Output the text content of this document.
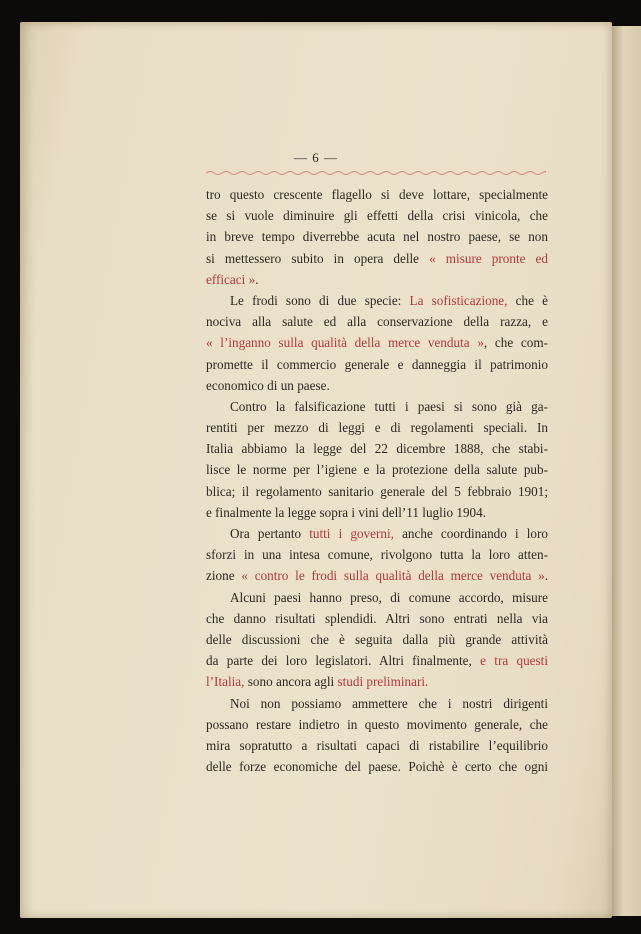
— 6 —
tro questo crescente flagello si deve lottare, specialmente
se si vuole diminuire gli effetti della crisi vinicola, che
in breve tempo diverrebbe acuta nel nostro paese, se non
si mettessero subito in opera delle « misure pronte ed
efficaci ».
Le frodi sono di due specie: La sofisticazione, che è
nociva alla salute ed alla conservazione della razza, e
« l’inganno sulla qualità della merce venduta », che com-
promette il commercio generale e danneggia il patrimonio
economico di un paese.
Contro la falsificazione tutti i paesi si sono già ga-
rentiti per mezzo di leggi e di regolamenti speciali. In
Italia abbiamo la legge del 22 dicembre 1888, che stabi-
lisce le norme per l’igiene e la protezione della salute pub-
blica; il regolamento sanitario generale del 5 febbraio 1901;
e finalmente la legge sopra i vini dell’11 luglio 1904.
Ora pertanto tutti i governi, anche coordinando i loro
sforzi in una intesa comune, rivolgono tutta la loro atten-
zione « contro le frodi sulla qualità della merce venduta ».
Alcuni paesi hanno preso, di comune accordo, misure
che danno risultati splendidi. Altri sono entrati nella via
delle discussioni che è seguita dalla più grande attività
da parte dei loro legislatori. Altri finalmente, e tra questi
l’Italia, sono ancora agli studi preliminari.
Noi non possiamo ammettere che i nostri dirigenti
possano restare indietro in questo movimento generale, che
mira sopratutto a risultati capaci di ristabilire l’equilibrio
delle forze economiche del paese. Poichè è certo che ogni
